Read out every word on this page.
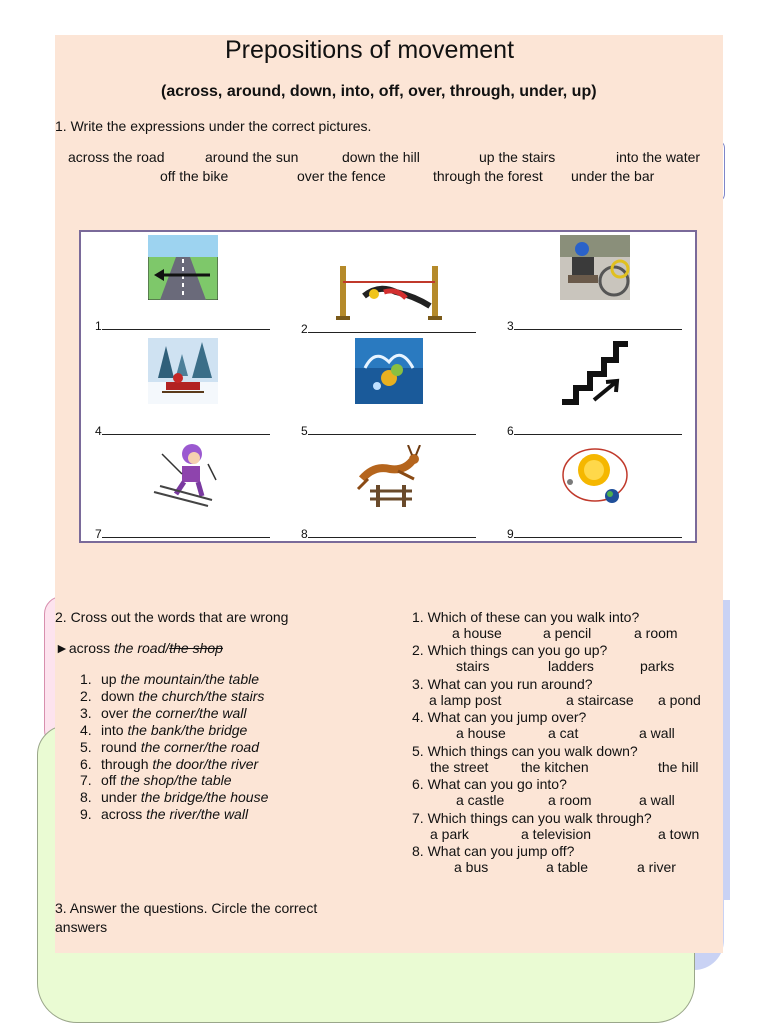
Prepositions of movement
(across, around, down, into, off, over, through, under, up)
1. Write the expressions under the correct pictures.
across the road	around the sun	down the hill	up the stairs	into the water
off the bike	over the fence	through the forest under the bar
1	2	3
4	5	6
7	8	9
2. Cross out the words that are wrong
►across the road/the shop
1. up the mountain/the table
2. down the church/the stairs
3. over the corner/the wall
4. into the bank/the bridge
5. round the corner/the road
6. through the door/the river
7. off the shop/the table
8. under the bridge/the house
9. across the river/the wall
3. Answer the questions. Circle the correct
answers
1. Which of these can you walk into?
a house	a pencil	a room
2. Which things can you go up?
stairs	ladders	parks
3. What can you run around?
a lamp post	a staircase a pond
4. What can you jump over?
a house	a cat	a wall
5. Which things can you walk down?
the street the kitchen	the hill
6. What can you go into?
a castle	a room	a wall
7. Which things can you walk through?
a park	a television	a town
8. What can you jump off?
a bus	a table	a river
